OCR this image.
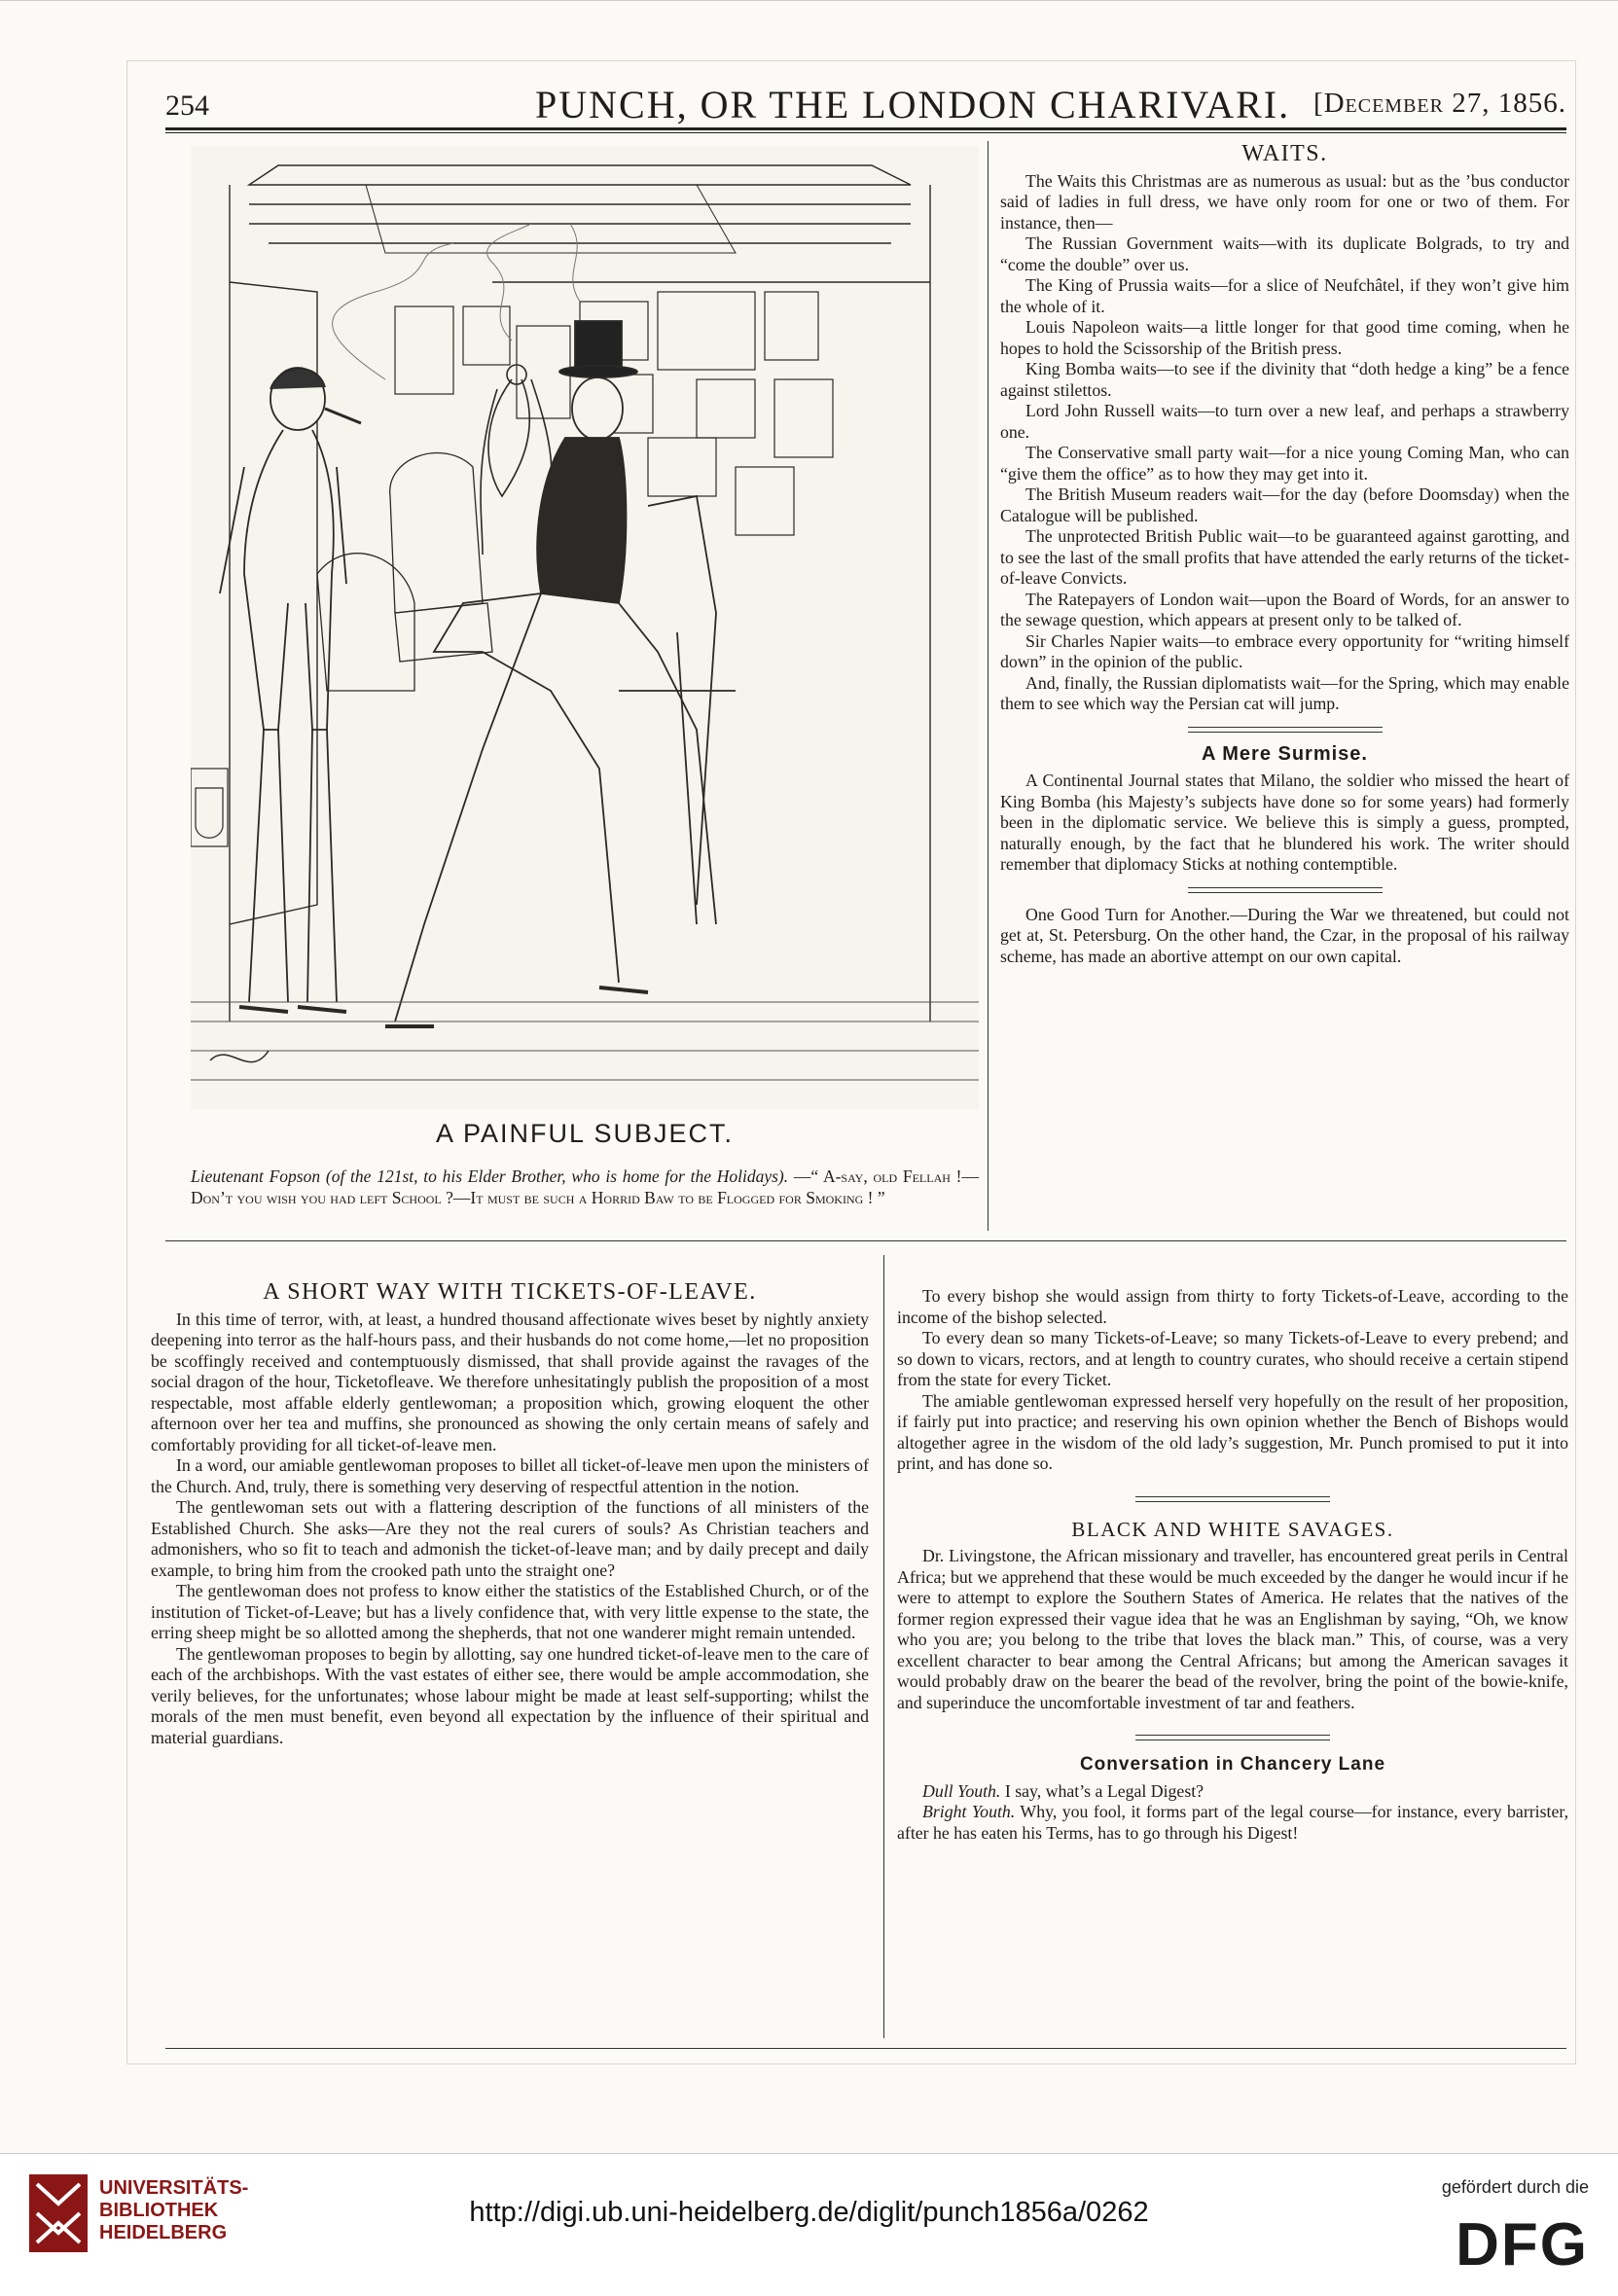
254	PUNCH, OR THE LONDON CHARIVARI. [December 27, 1856.
A PAINFUL SUBJECT.
Lieutenant Fopson (of the 121st, to his Elder Brother, who is home for the Holidays). —“ A-say, old Fellah !—Don’t you wish you had left School ?—It must be such a Horrid Baw to be Flogged for Smoking ! ”
WAITS.

The Waits this Christmas are as numerous as usual: but as the ’bus conductor said of ladies in full dress, we have only room for one or two of them. For instance, then—

The Russian Government waits—with its duplicate Bolgrads, to try and “come the double” over us.

The King of Prussia waits—for a slice of Neufchâtel, if they won’t give him the whole of it.

Louis Napoleon waits—a little longer for that good time coming, when he hopes to hold the Scissorship of the British press.

King Bomba waits—to see if the divinity that “doth hedge a king” be a fence against stilettos.

Lord John Russell waits—to turn over a new leaf, and perhaps a strawberry one.

The Conservative small party wait—for a nice young Coming Man, who can “give them the office” as to how they may get into it.

The British Museum readers wait—for the day (before Doomsday) when the Catalogue will be published.

The unprotected British Public wait—to be guaranteed against garotting, and to see the last of the small profits that have attended the early returns of the ticket-of-leave Convicts.

The Ratepayers of London wait—upon the Board of Words, for an answer to the sewage question, which appears at present only to be talked of.

Sir Charles Napier waits—to embrace every opportunity for “writing himself down” in the opinion of the public.

And, finally, the Russian diplomatists wait—for the Spring, which may enable them to see which way the Persian cat will jump.

A Mere Surmise.

A Continental Journal states that Milano, the soldier who missed the heart of King Bomba (his Majesty’s subjects have done so for some years) had formerly been in the diplomatic service. We believe this is simply a guess, prompted, naturally enough, by the fact that he blundered his work. The writer should remember that diplomacy Sticks at nothing contemptible.

One Good Turn for Another.—During the War we threatened, but could not get at, St. Petersburg. On the other hand, the Czar, in the proposal of his railway scheme, has made an abortive attempt on our own capital.

A SHORT WAY WITH TICKETS-OF-LEAVE.

In this time of terror, with, at least, a hundred thousand affectionate wives beset by nightly anxiety deepening into terror as the half-hours pass, and their husbands do not come home,—let no proposition be scoffingly received and contemptuously dismissed, that shall provide against the ravages of the social dragon of the hour, Ticketofleave. We therefore unhesitatingly publish the proposition of a most respectable, most affable elderly gentlewoman; a proposition which, growing eloquent the other afternoon over her tea and muffins, she pronounced as showing the only certain means of safely and comfortably providing for all ticket-of-leave men.

In a word, our amiable gentlewoman proposes to billet all ticket-of-leave men upon the ministers of the Church. And, truly, there is something very deserving of respectful attention in the notion.

The gentlewoman sets out with a flattering description of the functions of all ministers of the Established Church. She asks—Are they not the real curers of souls? As Christian teachers and admonishers, who so fit to teach and admonish the ticket-of-leave man; and by daily precept and daily example, to bring him from the crooked path unto the straight one?

The gentlewoman does not profess to know either the statistics of the Established Church, or of the institution of Ticket-of-Leave; but has a lively confidence that, with very little expense to the state, the erring sheep might be so allotted among the shepherds, that not one wanderer might remain untended.

The gentlewoman proposes to begin by allotting, say one hundred ticket-of-leave men to the care of each of the archbishops. With the vast estates of either see, there would be ample accommodation, she verily believes, for the unfortunates; whose labour might be made at least self-supporting; whilst the morals of the men must benefit, even beyond all expectation by the influence of their spiritual and material guardians.

To every bishop she would assign from thirty to forty Tickets-of-Leave, according to the income of the bishop selected.

To every dean so many Tickets-of-Leave; so many Tickets-of-Leave to every prebend; and so down to vicars, rectors, and at length to country curates, who should receive a certain stipend from the state for every Ticket.

The amiable gentlewoman expressed herself very hopefully on the result of her proposition, if fairly put into practice; and reserving his own opinion whether the Bench of Bishops would altogether agree in the wisdom of the old lady’s suggestion, Mr. Punch promised to put it into print, and has done so.

BLACK AND WHITE SAVAGES.

Dr. Livingstone, the African missionary and traveller, has encountered great perils in Central Africa; but we apprehend that these would be much exceeded by the danger he would incur if he were to attempt to explore the Southern States of America. He relates that the natives of the former region expressed their vague idea that he was an Englishman by saying, “Oh, we know who you are; you belong to the tribe that loves the black man.” This, of course, was a very excellent character to bear among the Central Africans; but among the American savages it would probably draw on the bearer the bead of the revolver, bring the point of the bowie-knife, and superinduce the uncomfortable investment of tar and feathers.

Conversation in Chancery Lane

Dull Youth. I say, what’s a Legal Digest?

Bright Youth. Why, you fool, it forms part of the legal course—for instance, every barrister, after he has eaten his Terms, has to go through his Digest!

UNIVERSITÄTS-
BIBLIOTHEK
HEIDELBERG
http://digi.ub.uni-heidelberg.de/diglit/punch1856a/0262
gefördert durch die
DFG
